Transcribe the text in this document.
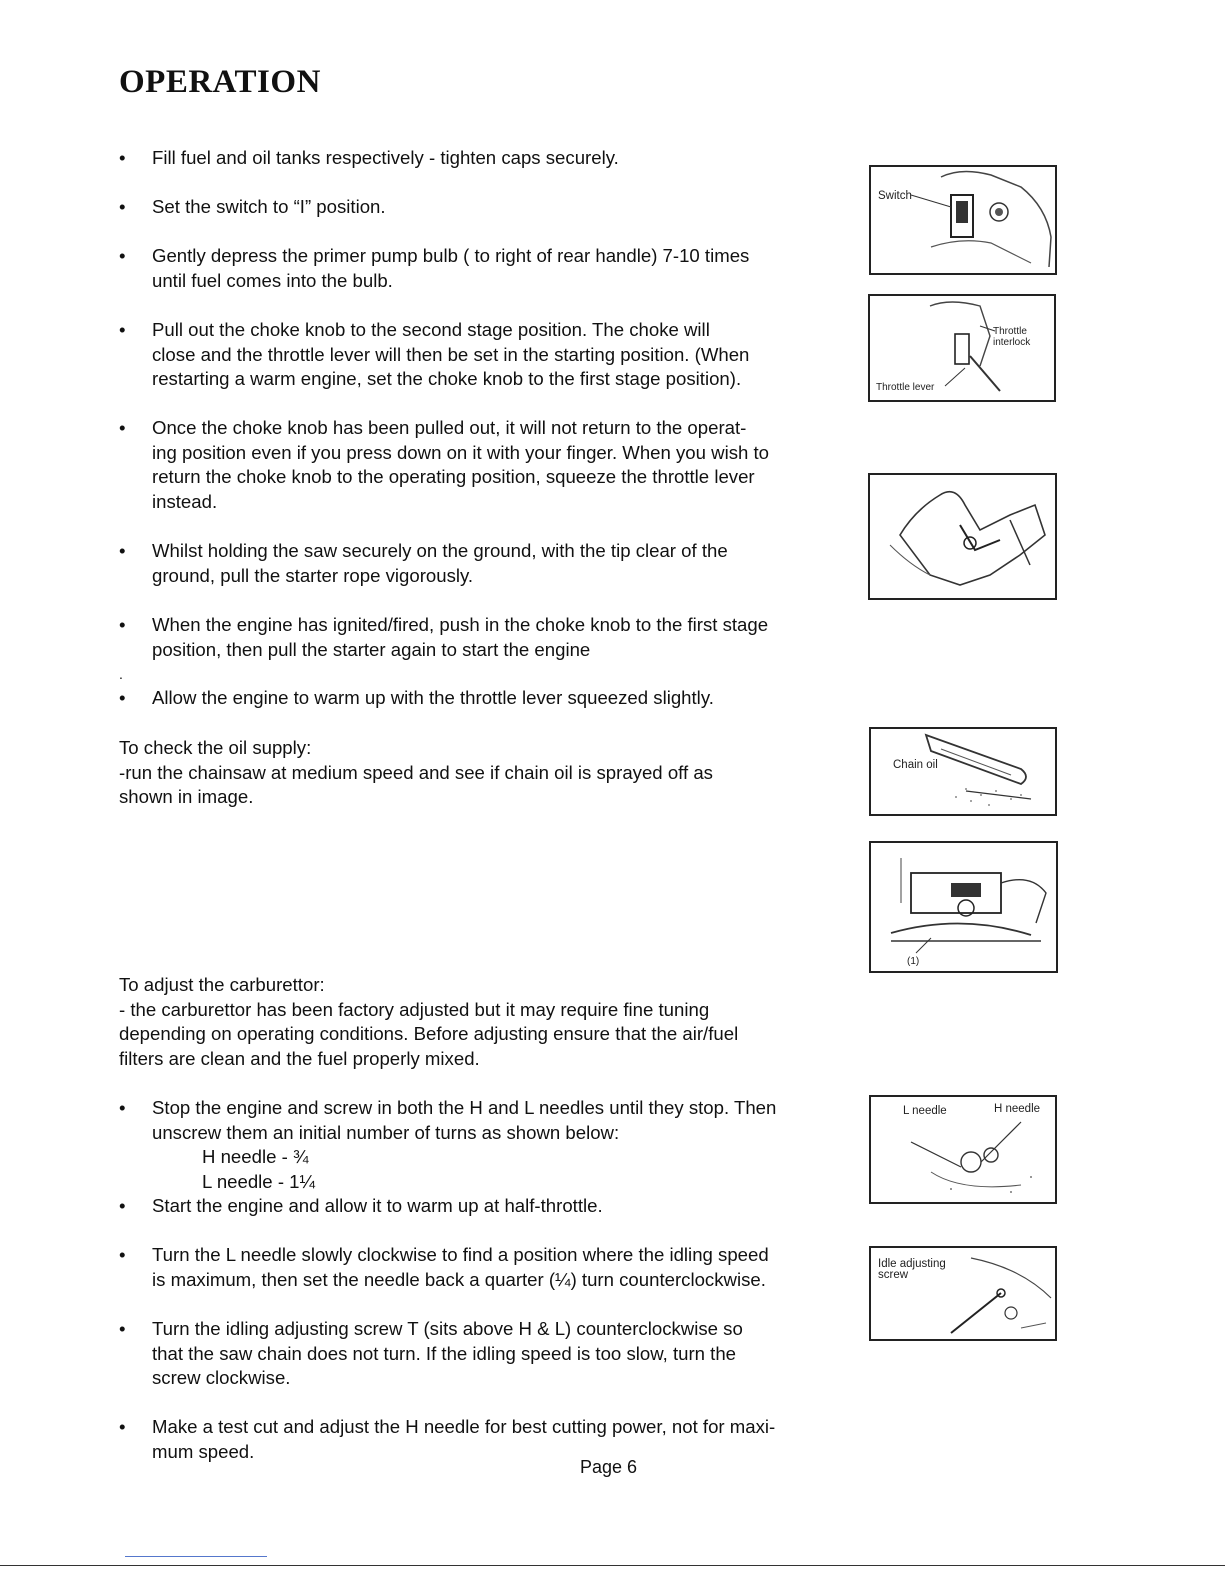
OPERATION
• Fill fuel and oil tanks respectively - tighten caps securely.
• Set the switch to “I” position.
• Gently depress the primer pump bulb ( to right of rear handle) 7-10 times
until fuel comes into the bulb.
• Pull out the choke knob to the second stage position. The choke will
close and the throttle lever will then be set in the starting position. (When
restarting a warm engine, set the choke knob to the first stage position).
• Once the choke knob has been pulled out, it will not return to the operat-
ing position even if you press down on it with your finger. When you wish to
return the choke knob to the operating position, squeeze the throttle lever
instead.
• Whilst holding the saw securely on the ground, with the tip clear of the
ground, pull the starter rope vigorously.
• When the engine has ignited/fired, push in the choke knob to the first stage
position, then pull the starter again to start the engine
.
• Allow the engine to warm up with the throttle lever squeezed slightly.
To check the oil supply:
-run the chainsaw at medium speed and see if chain oil is sprayed off as
shown in image.
To adjust the carburettor:
- the carburettor has been factory adjusted but it may require fine tuning
depending on operating conditions. Before adjusting ensure that the air/fuel
filters are clean and the fuel properly mixed.
• Stop the engine and screw in both the H and L needles until they stop. Then
unscrew them an initial number of turns as shown below:
H needle - ¾
L needle - 1¼
• Start the engine and allow it to warm up at half-throttle.
• Turn the L needle slowly clockwise to find a position where the idling speed
is maximum, then set the needle back a quarter (¼) turn counterclockwise.
• Turn the idling adjusting screw T (sits above H & L) counterclockwise so
that the saw chain does not turn. If the idling speed is too slow, turn the
screw clockwise.
• Make a test cut and adjust the H needle for best cutting power, not for maxi-
mum speed.
Switch
Throttle interlock
Throttle lever
Chain oil
(1)
L needle	H needle
Idle adjusting screw
Page 6
